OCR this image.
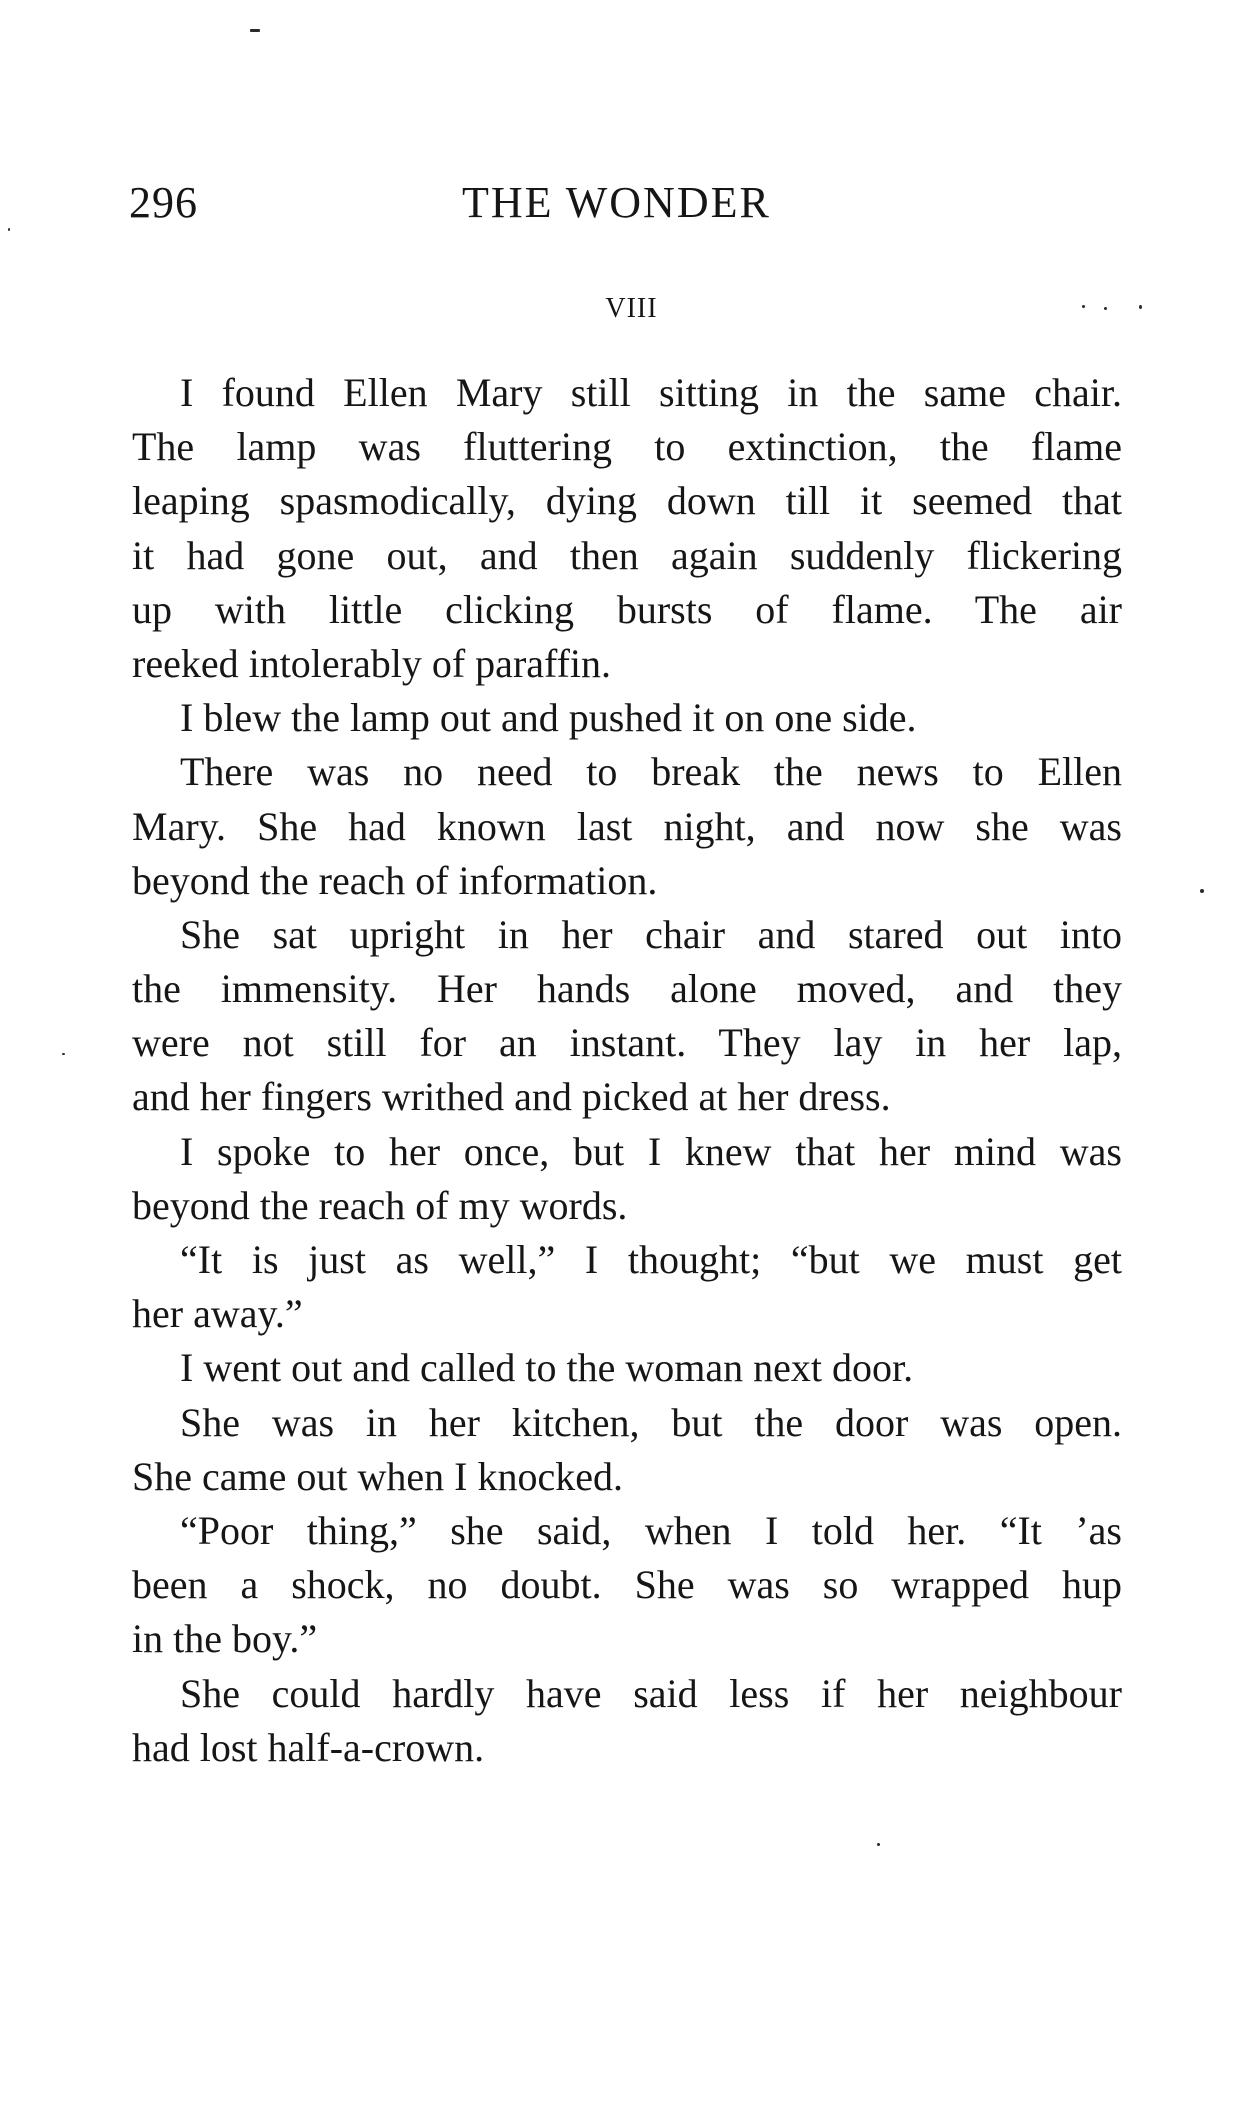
296	THE WONDER
VIII
I found Ellen Mary still sitting in the same chair.
The lamp was fluttering to extinction, the flame
leaping spasmodically, dying down till it seemed that
it had gone out, and then again suddenly flickering
up with little clicking bursts of flame. The air
reeked intolerably of paraffin.
I blew the lamp out and pushed it on one side.
There was no need to break the news to Ellen
Mary. She had known last night, and now she was
beyond the reach of information.
She sat upright in her chair and stared out into
the immensity. Her hands alone moved, and they
were not still for an instant. They lay in her lap,
and her fingers writhed and picked at her dress.
I spoke to her once, but I knew that her mind was
beyond the reach of my words.
“It is just as well,” I thought; “but we must get
her away.”
I went out and called to the woman next door.
She was in her kitchen, but the door was open.
She came out when I knocked.
“Poor thing,” she said, when I told her. “It ’as
been a shock, no doubt. She was so wrapped hup
in the boy.”
She could hardly have said less if her neighbour
had lost half-a-crown.
